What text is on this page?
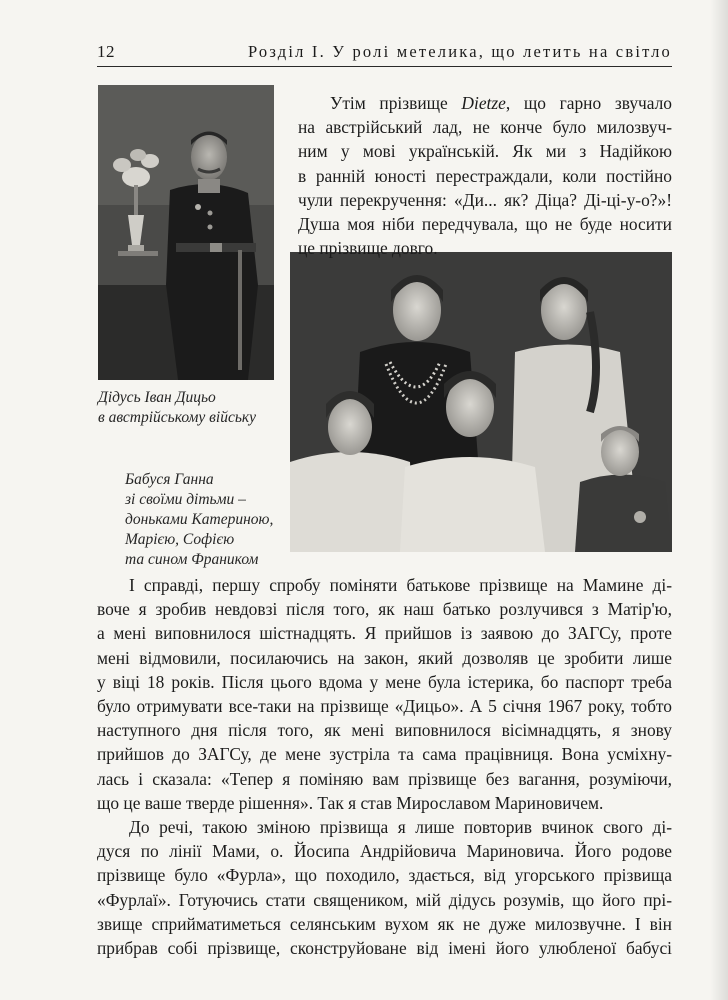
12	Розділ I. У ролі метелика, що летить на світло
Дідусь Іван Дицьо
в австрійському війську
Бабуся Ганна
зі своїми дітьми –
доньками Катериною,
Марією, Софією
та сином Фраником
Утім прізвище Dietze, що гарно звучало
на австрійський лад, не конче було милозвуч-
ним у мові українській. Як ми з Надійкою
в ранній юності перестраждали, коли постійно
чули перекручення: «Ди... як? Діца? Ді-ці-у-о?»!
Душа моя ніби передчувала, що не буде носити
це прізвище довго.
І справді, першу спробу поміняти батькове прізвище на Мамине ді-
воче я зробив невдовзі після того, як наш батько розлучився з Матір'ю,
а мені виповнилося шістнадцять. Я прийшов із заявою до ЗАГСу, проте
мені відмовили, посилаючись на закон, який дозволяв це зробити лише
у віці 18 років. Після цього вдома у мене була істерика, бо паспорт треба
було отримувати все-таки на прізвище «Дицьо». А 5 січня 1967 року, тобто
наступного дня після того, як мені виповнилося вісімнадцять, я знову
прийшов до ЗАГСу, де мене зустріла та сама працівниця. Вона усміхну-
лась і сказала: «Тепер я поміняю вам прізвище без вагання, розуміючи,
що це ваше тверде рішення». Так я став Мирославом Мариновичем.
До речі, такою зміною прізвища я лише повторив вчинок свого ді-
дуся по лінії Мами, о. Йосипа Андрійовича Мариновича. Його родове
прізвище було «Фурла», що походило, здається, від угорського прізвища
«Фурлаї». Готуючись стати священиком, мій дідусь розумів, що його прі-
звище сприйматиметься селянським вухом як не дуже милозвучне. І він
прибрав собі прізвище, сконструйоване від імені його улюбленої бабусі
